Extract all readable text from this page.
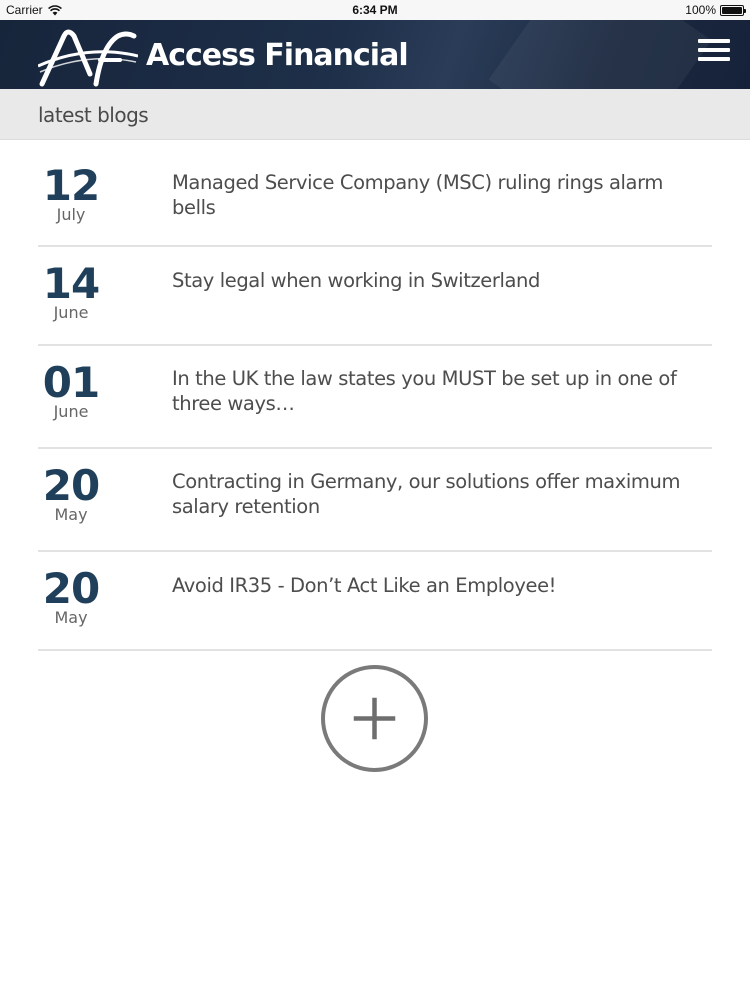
Carrier	6:34 PM	100%
Access Financial
latest blogs
12
July
Managed Service Company (MSC) ruling rings alarm bells
14
June
Stay legal when working in Switzerland
01
June
In the UK the law states you MUST be set up in one of three ways…
20
May
Contracting in Germany, our solutions offer maximum salary retention
20
May
Avoid IR35 - Don’t Act Like an Employee!
